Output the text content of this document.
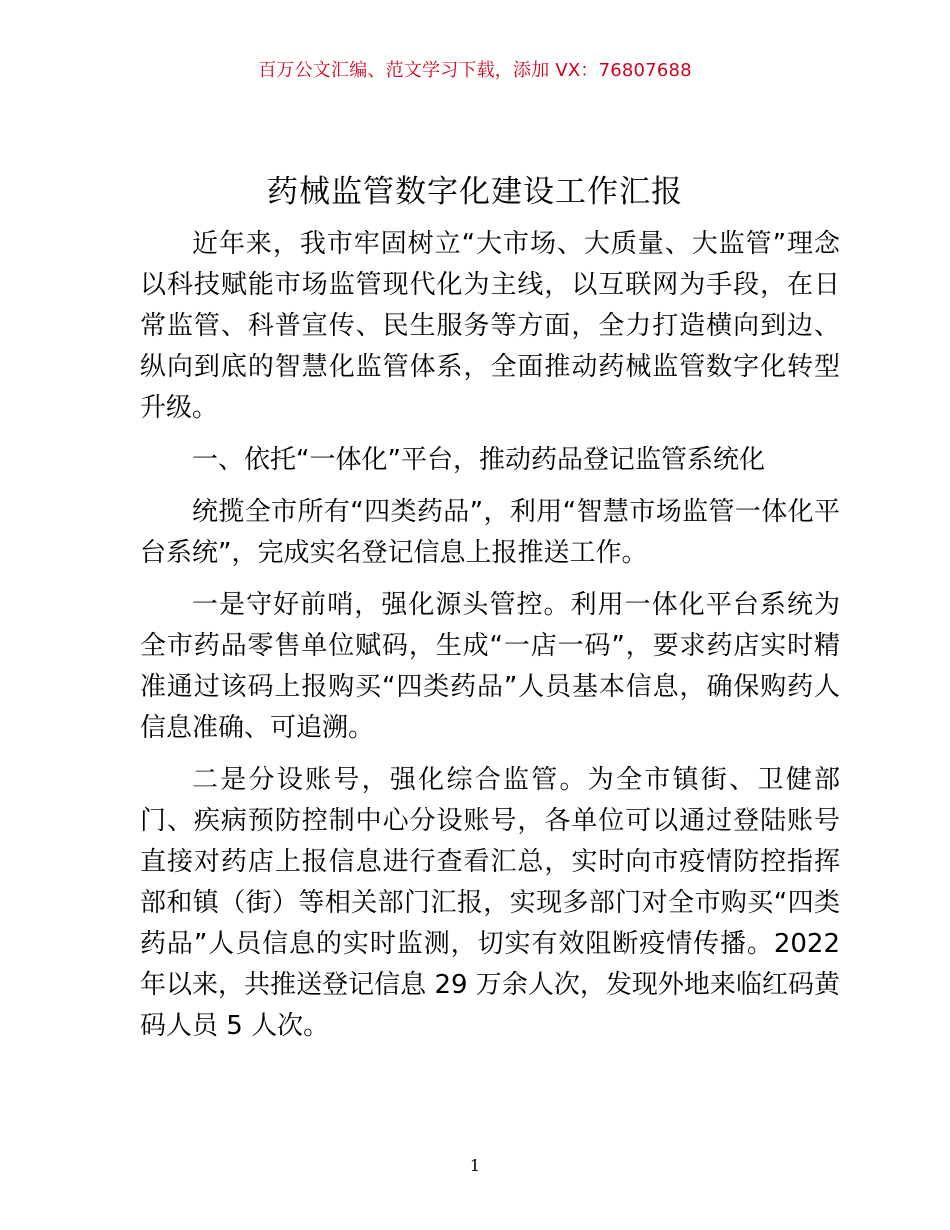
百万公文汇编、范文学习下载，添加 VX：76807688
药械监管数字化建设工作汇报

近年来，我市牢固树立“大市场、大质量、大监管”理念以科技赋能市场监管现代化为主线，以互联网为手段，在日常监管、科普宣传、民生服务等方面，全力打造横向到边、纵向到底的智慧化监管体系，全面推动药械监管数字化转型升级。

一、依托“一体化”平台，推动药品登记监管系统化

统揽全市所有“四类药品”，利用“智慧市场监管一体化平台系统”，完成实名登记信息上报推送工作。

一是守好前哨，强化源头管控。利用一体化平台系统为全市药品零售单位赋码，生成“一店一码”，要求药店实时精准通过该码上报购买“四类药品”人员基本信息，确保购药人信息准确、可追溯。

二是分设账号，强化综合监管。为全市镇街、卫健部门、疾病预防控制中心分设账号，各单位可以通过登陆账号直接对药店上报信息进行查看汇总，实时向市疫情防控指挥部和镇（街）等相关部门汇报，实现多部门对全市购买“四类药品”人员信息的实时监测，切实有效阻断疫情传播。2022 年以来，共推送登记信息 29 万余人次，发现外地来临红码黄码人员 5 人次。

1
